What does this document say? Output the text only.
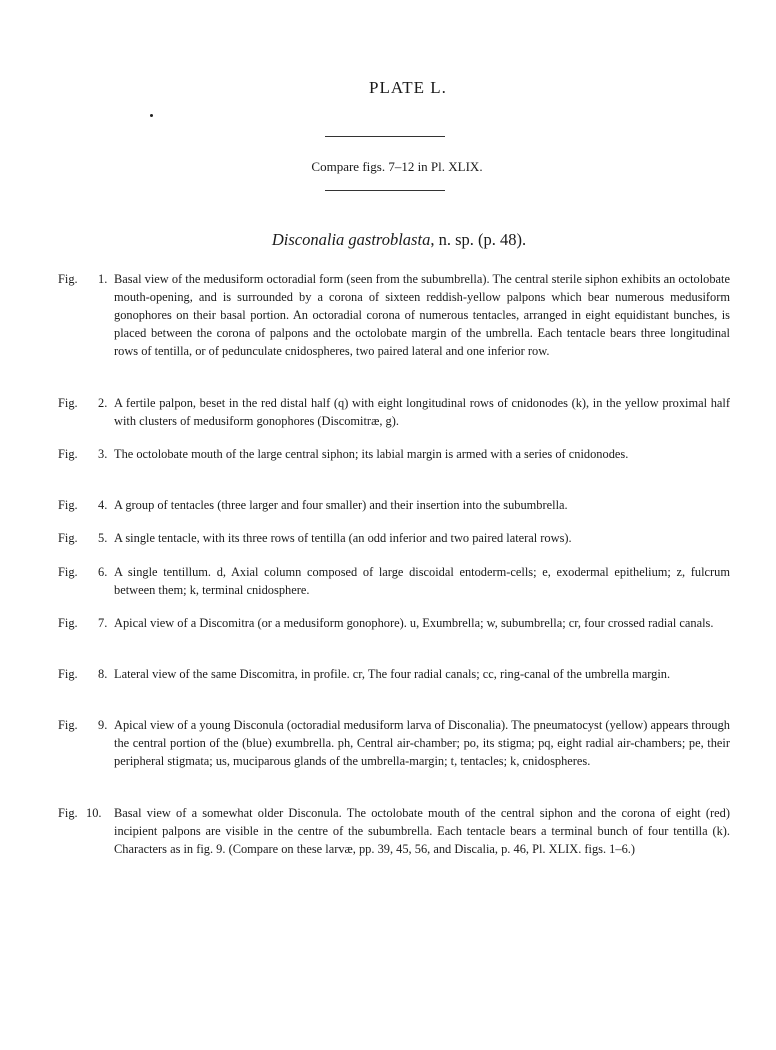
PLATE L.
Compare figs. 7–12 in Pl. XLIX.
Disconalia gastroblasta, n. sp. (p. 48).
Fig. 1. Basal view of the medusiform octoradial form (seen from the subumbrella). The central sterile siphon exhibits an octolobate mouth-opening, and is surrounded by a corona of sixteen reddish-yellow palpons which bear numerous medusiform gonophores on their basal portion. An octoradial corona of numerous tentacles, arranged in eight equidistant bunches, is placed between the corona of palpons and the octolobate margin of the umbrella. Each tentacle bears three longitudinal rows of tentilla, or of pedunculate cnidospheres, two paired lateral and one inferior row.
Fig. 2. A fertile palpon, beset in the red distal half (q) with eight longitudinal rows of cnidonodes (k), in the yellow proximal half with clusters of medusiform gonophores (Discomitræ, g).
Fig. 3. The octolobate mouth of the large central siphon; its labial margin is armed with a series of cnidonodes.
Fig. 4. A group of tentacles (three larger and four smaller) and their insertion into the subumbrella.
Fig. 5. A single tentacle, with its three rows of tentilla (an odd inferior and two paired lateral rows).
Fig. 6. A single tentillum. d, Axial column composed of large discoidal entoderm-cells; e, exodermal epithelium; z, fulcrum between them; k, terminal cnidosphere.
Fig. 7. Apical view of a Discomitra (or a medusiform gonophore). u, Exumbrella; w, subumbrella; cr, four crossed radial canals.
Fig. 8. Lateral view of the same Discomitra, in profile. cr, The four radial canals; cc, ring-canal of the umbrella margin.
Fig. 9. Apical view of a young Disconula (octoradial medusiform larva of Disconalia). The pneumatocyst (yellow) appears through the central portion of the (blue) exumbrella. ph, Central air-chamber; po, its stigma; pq, eight radial air-chambers; pe, their peripheral stigmata; us, muciparous glands of the umbrella-margin; t, tentacles; k, cnidospheres.
Fig. 10. Basal view of a somewhat older Disconula. The octolobate mouth of the central siphon and the corona of eight (red) incipient palpons are visible in the centre of the subumbrella. Each tentacle bears a terminal bunch of four tentilla (k). Characters as in fig. 9. (Compare on these larvæ, pp. 39, 45, 56, and Discalia, p. 46, Pl. XLIX. figs. 1–6.)
